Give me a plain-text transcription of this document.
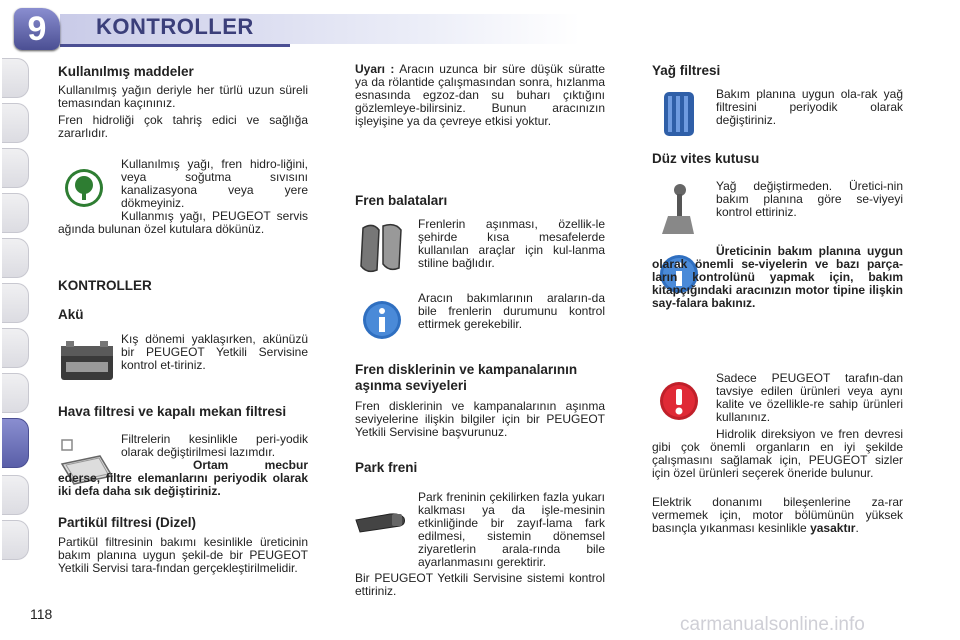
9	KONTROLLER
Kullanılmış maddeler

Kullanılmış yağın deriyle her türlü uzun süreli temasından kaçınınız.

Fren hidroliği çok tahriş edici ve sağlığa zararlıdır.

Kullanılmış yağı, fren hidro-liğini, veya soğutma sıvısını kanalizasyona veya yere dökmeyiniz.

Kullanmış yağı, PEUGEOT servis ağında bulunan özel kutulara dökünüz.

KONTROLLER
Akü

Kış dönemi yaklaşırken, akünüzü bir PEUGEOT Yetkili Servisine kontrol et-tiriniz.

Hava filtresi ve kapalı mekan filtresi

Filtrelerin kesinlikle peri-yodik olarak değiştirilmesi lazımdır.

Ortam mecbur ederse, filtre elemanlarını periyodik olarak iki defa daha sık değiştiriniz.

Partikül filtresi (Dizel)

Partikül filtresinin bakımı kesinlikle üreticinin bakım planına uygun şekil-de bir PEUGEOT Yetkili Servisi tara-fından gerçekleştirilmelidir.

Uyarı : Aracın uzunca bir süre düşük süratte ya da rölantide çalışmasından sonra, hızlanma esnasında egzoz-dan su buharı çıktığını gözlemleye-bilirsiniz. Bunun aracınızın işleyişine ya da çevreye etkisi yoktur.

Fren balataları

Frenlerin aşınması, özellik-le şehirde kısa mesafelerde kullanılan araçlar için kul-lanma stiline bağlıdır.

Aracın bakımlarının araların-da bile frenlerin durumunu kontrol ettirmek gerekebilir.

Fren disklerinin ve kampanalarının aşınma seviyeleri

Fren disklerinin ve kampanalarının aşınma seviyelerine ilişkin bilgiler için bir PEUGEOT Yetkili Servisine başvurunuz.

Park freni

Park freninin çekilirken fazla yukarı kalkması ya da işle-mesinin etkinliğinde bir zayıf-lama fark edilmesi, sistemin dönemsel ziyaretlerin arala-rında bile ayarlanmasını gerektirir.

Bir PEUGEOT Yetkili Servisine sistemi kontrol ettiriniz.

Yağ filtresi

Bakım planına uygun ola-rak yağ filtresini periyodik olarak değiştiriniz.

Düz vites kutusu

Yağ değiştirmeden. Üretici-nin bakım planına göre se-viyeyi kontrol ettiriniz.

Üreticinin bakım planına uygun olarak önemli se-viyelerin ve bazı parça-ların kontrolünü yapmak için, bakım kitapçığındaki aracınızın motor tipine ilişkin say-falara bakınız.

Sadece PEUGEOT tarafın-dan tavsiye edilen ürünleri veya aynı kalite ve özellikle-re sahip ürünleri kullanınız.

Hidrolik direksiyon ve fren devresi gibi çok önemli organların en iyi şekilde çalışmasını sağlamak için, PEUGEOT sizler için özel ürünleri seçerek öneride bulunur.

Elektrik donanımı bileşenlerine za-rar vermemek için, motor bölümünün yüksek basınçla yıkanması kesinlikle yasaktır.

118	carmanualsonline.info
